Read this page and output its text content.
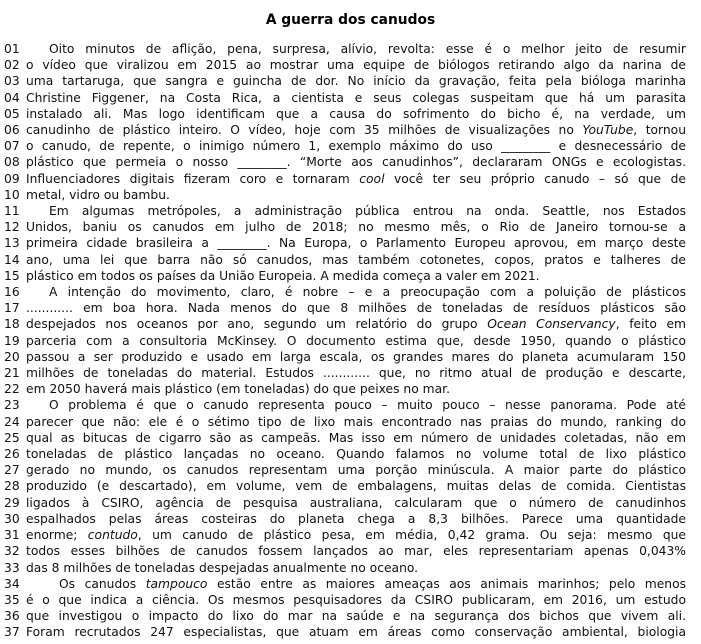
A guerra dos canudos
01	Oito minutos de aflição, pena, surpresa, alívio, revolta: esse é o melhor jeito de resumir
02 o vídeo que viralizou em 2015 ao mostrar uma equipe de biólogos retirando algo da narina de
03 uma tartaruga, que sangra e guincha de dor. No início da gravação, feita pela bióloga marinha
04 Christine Figgener, na Costa Rica, a cientista e seus colegas suspeitam que há um parasita
05 instalado ali. Mas logo identificam que a causa do sofrimento do bicho é, na verdade, um
06 canudinho de plástico inteiro. O vídeo, hoje com 35 milhões de visualizações no YouTube, tornou
07 o canudo, de repente, o inimigo número 1, exemplo máximo do uso ________ e desnecessário de
08 plástico que permeia o nosso ________. “Morte aos canudinhos”, declararam ONGs e ecologistas.
09 Influenciadores digitais fizeram coro e tornaram cool você ter seu próprio canudo – só que de
10 metal, vidro ou bambu.
11	Em algumas metrópoles, a administração pública entrou na onda. Seattle, nos Estados
12 Unidos, baniu os canudos em julho de 2018; no mesmo mês, o Rio de Janeiro tornou-se a
13 primeira cidade brasileira a ________. Na Europa, o Parlamento Europeu aprovou, em março deste
14 ano, uma lei que barra não só canudos, mas também cotonetes, copos, pratos e talheres de
15 plástico em todos os países da União Europeia. A medida começa a valer em 2021.
16	A intenção do movimento, claro, é nobre – e a preocupação com a poluição de plásticos
17 ............ em boa hora. Nada menos do que 8 milhões de toneladas de resíduos plásticos são
18 despejados nos oceanos por ano, segundo um relatório do grupo Ocean Conservancy, feito em
19 parceria com a consultoria McKinsey. O documento estima que, desde 1950, quando o plástico
20 passou a ser produzido e usado em larga escala, os grandes mares do planeta acumularam 150
21 milhões de toneladas do material. Estudos ............ que, no ritmo atual de produção e descarte,
22 em 2050 haverá mais plástico (em toneladas) do que peixes no mar.
23	O problema é que o canudo representa pouco – muito pouco – nesse panorama. Pode até
24 parecer que não: ele é o sétimo tipo de lixo mais encontrado nas praias do mundo, ranking do
25 qual as bitucas de cigarro são as campeãs. Mas isso em número de unidades coletadas, não em
26 toneladas de plástico lançadas no oceano. Quando falamos no volume total de lixo plástico
27 gerado no mundo, os canudos representam uma porção minúscula. A maior parte do plástico
28 produzido (e descartado), em volume, vem de embalagens, muitas delas de comida. Cientistas
29 ligados à CSIRO, agência de pesquisa australiana, calcularam que o número de canudinhos
30 espalhados pelas áreas costeiras do planeta chega a 8,3 bilhões. Parece uma quantidade
31 enorme; contudo, um canudo de plástico pesa, em média, 0,42 grama. Ou seja: mesmo que
32 todos esses bilhões de canudos fossem lançados ao mar, eles representariam apenas 0,043%
33 das 8 milhões de toneladas despejadas anualmente no oceano.
34	Os canudos tampouco estão entre as maiores ameaças aos animais marinhos; pelo menos
35 é o que indica a ciência. Os mesmos pesquisadores da CSIRO publicaram, em 2016, um estudo
36 que investigou o impacto do lixo do mar na saúde e na segurança dos bichos que vivem ali.
37 Foram recrutados 247 especialistas, que atuam em áreas como conservação ambiental, biologia
